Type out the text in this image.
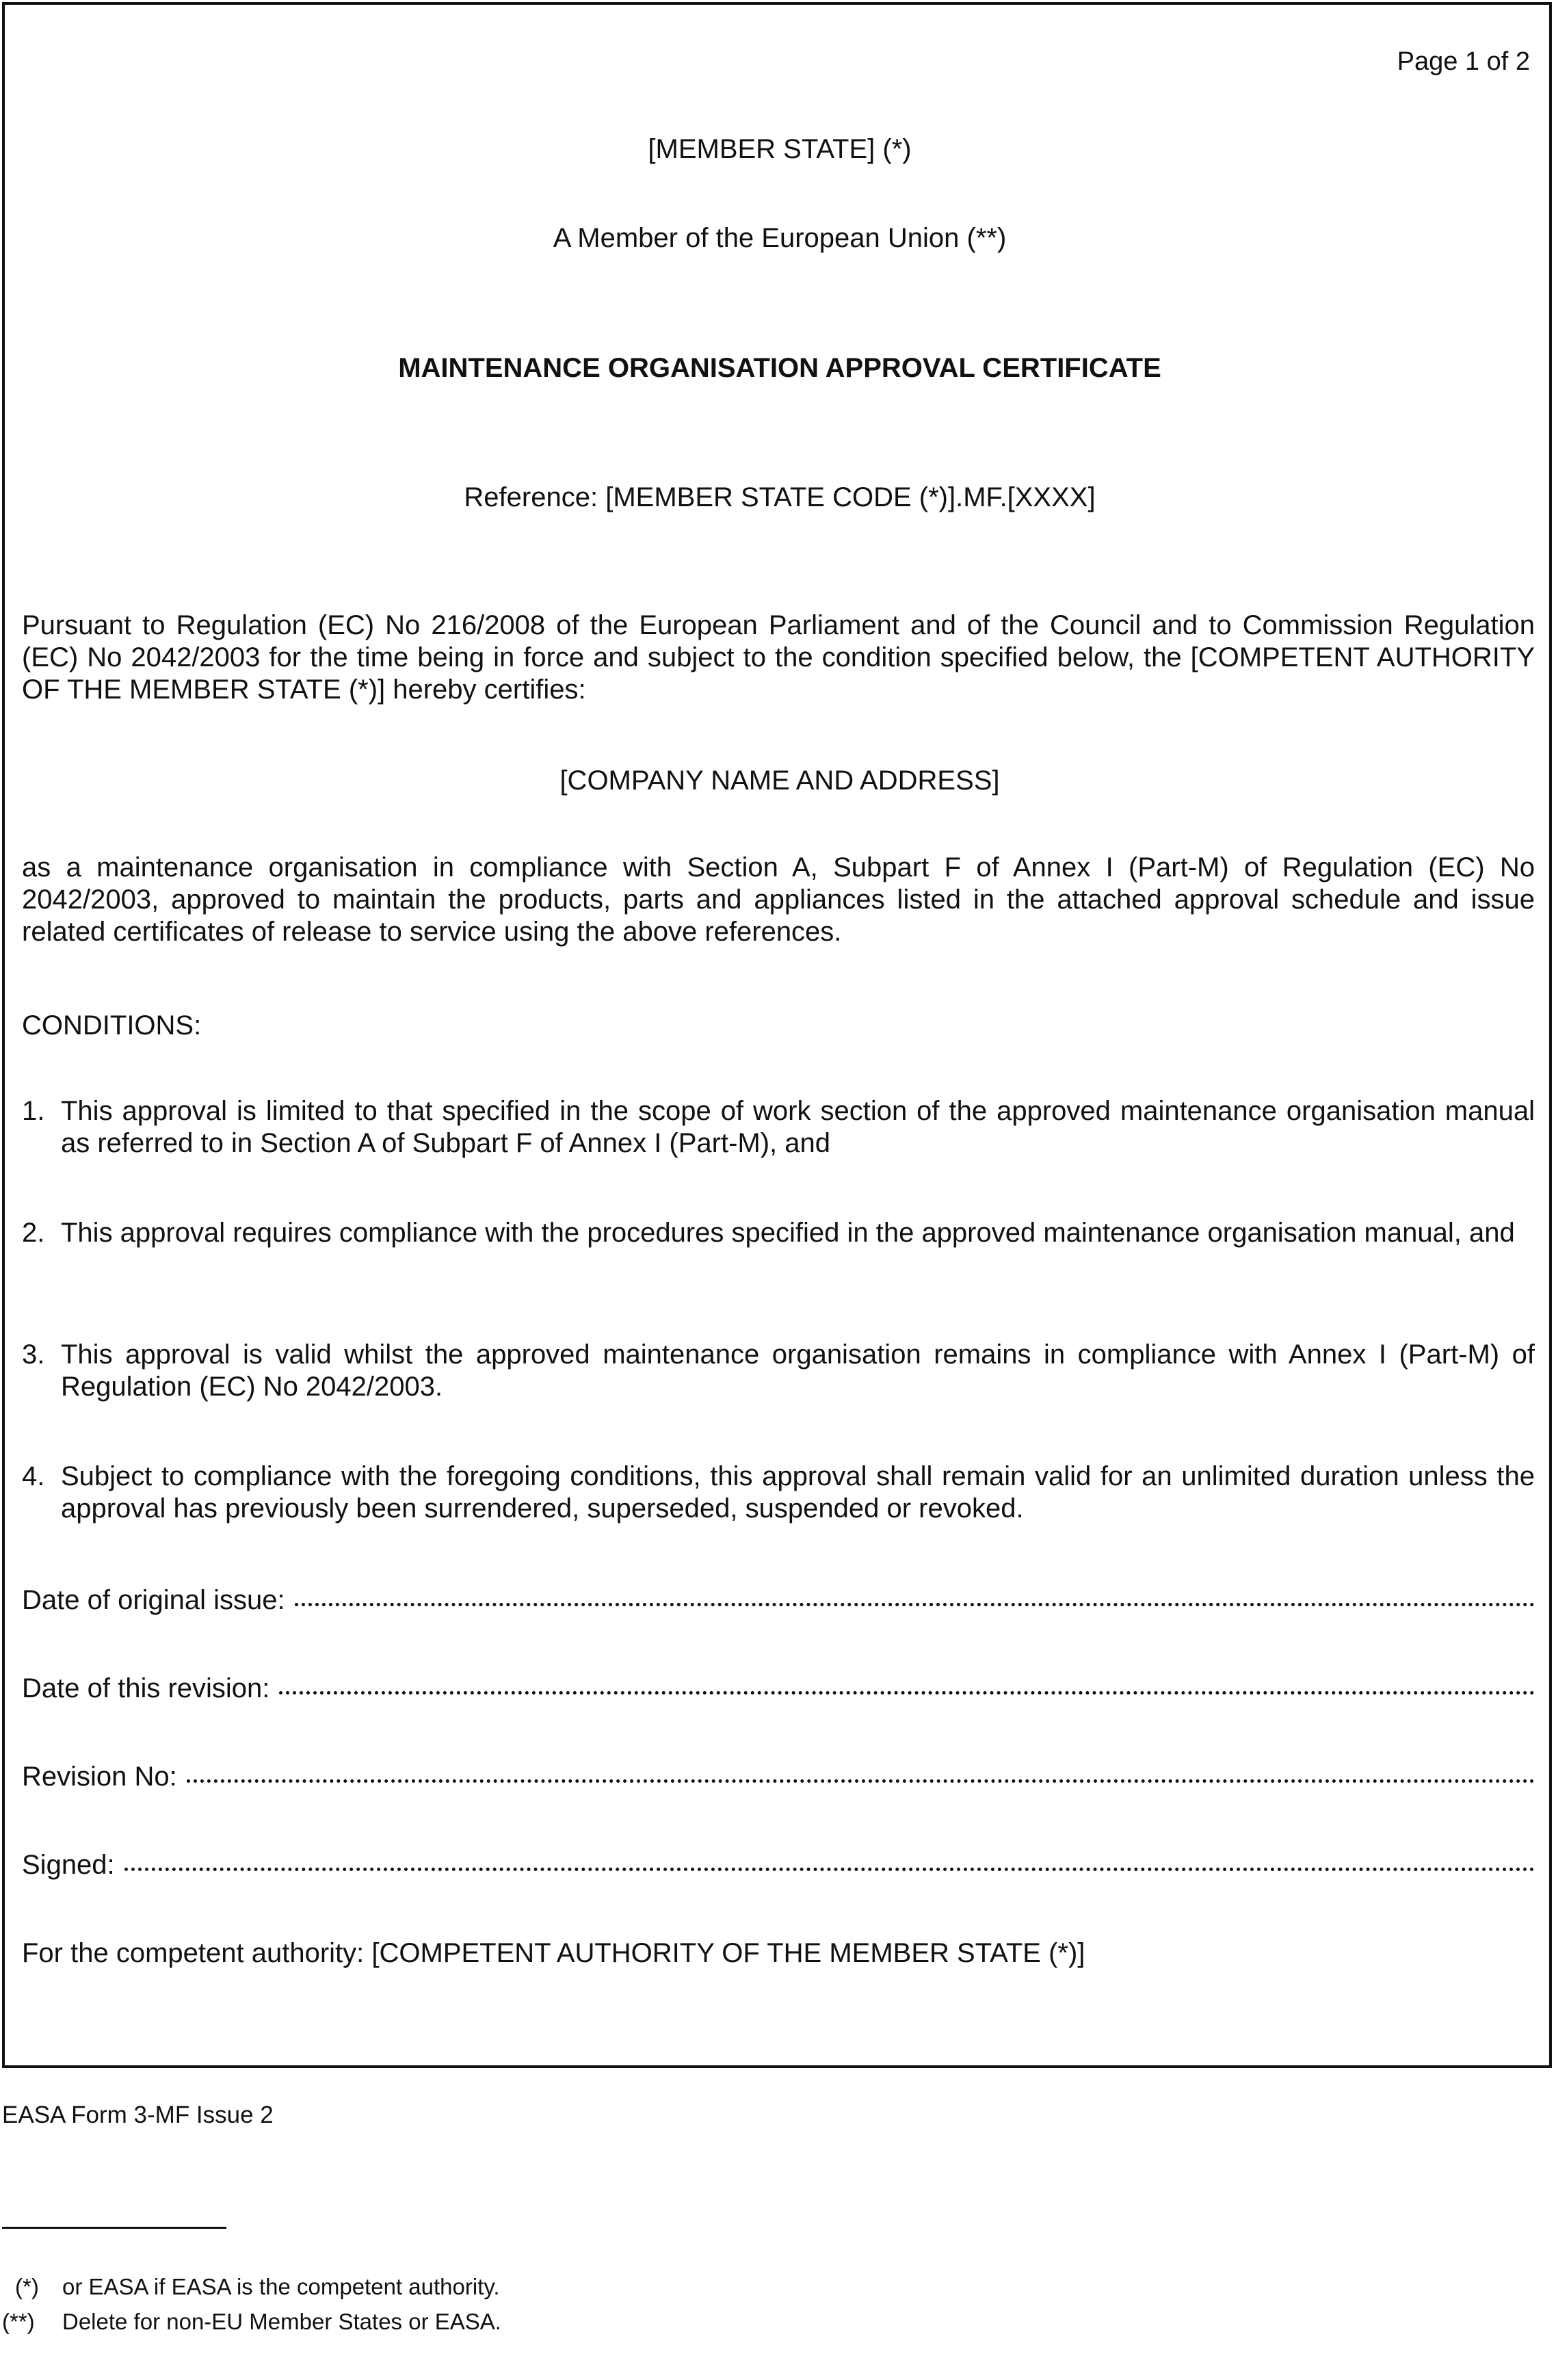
Page 1 of 2
[MEMBER STATE] (*)
A Member of the European Union (**)
MAINTENANCE ORGANISATION APPROVAL CERTIFICATE
Reference: [MEMBER STATE CODE (*)].MF.[XXXX]
Pursuant to Regulation (EC) No 216/2008 of the European Parliament and of the Council and to Commission Regulation (EC) No 2042/2003 for the time being in force and subject to the condition specified below, the [COMPETENT AUTHORITY OF THE MEMBER STATE (*)] hereby certifies:
[COMPANY NAME AND ADDRESS]
as a maintenance organisation in compliance with Section A, Subpart F of Annex I (Part-M) of Regulation (EC) No 2042/2003, approved to maintain the products, parts and appliances listed in the attached approval schedule and issue related certificates of release to service using the above references.
CONDITIONS:
1. This approval is limited to that specified in the scope of work section of the approved maintenance organisation manual as referred to in Section A of Subpart F of Annex I (Part-M), and
2. This approval requires compliance with the procedures specified in the approved maintenance organisation manual, and
3. This approval is valid whilst the approved maintenance organisation remains in compliance with Annex I (Part-M) of Regulation (EC) No 2042/2003.
4. Subject to compliance with the foregoing conditions, this approval shall remain valid for an unlimited duration unless the approval has previously been surrendered, superseded, suspended or revoked.
Date of original issue:
Date of this revision:
Revision No:
Signed:
For the competent authority: [COMPETENT AUTHORITY OF THE MEMBER STATE (*)]
EASA Form 3-MF Issue 2
(*) or EASA if EASA is the competent authority.
(**) Delete for non-EU Member States or EASA.
